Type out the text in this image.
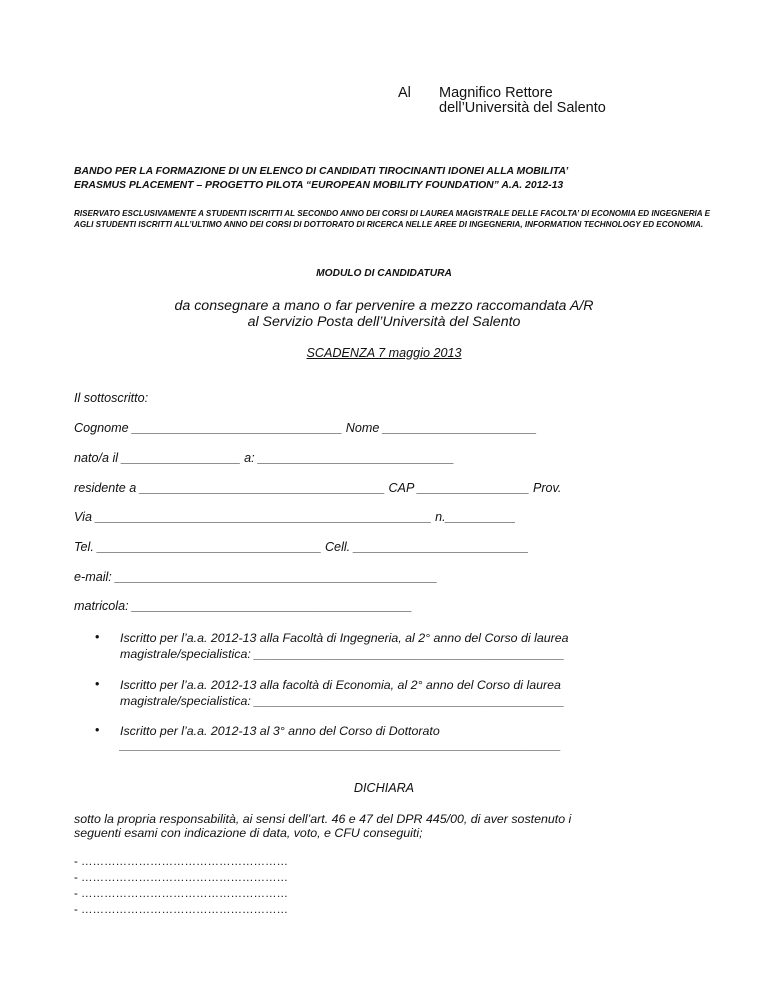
Al Magnifico Rettore
dell’Università del Salento
BANDO PER LA FORMAZIONE DI UN ELENCO DI CANDIDATI TIROCINANTI IDONEI ALLA MOBILITA’
ERASMUS PLACEMENT – PROGETTO PILOTA “EUROPEAN MOBILITY FOUNDATION” A.A. 2012-13

RISERVATO ESCLUSIVAMENTE A STUDENTI ISCRITTI AL SECONDO ANNO DEI CORSI DI LAUREA MAGISTRALE DELLE FACOLTA’ DI ECONOMIA ED INGEGNERIA E AGLI STUDENTI ISCRITTI ALL’ULTIMO ANNO DEI CORSI DI DOTTORATO DI RICERCA NELLE AREE DI INGEGNERIA, INFORMATION TECHNOLOGY ED ECONOMIA.

MODULO DI CANDIDATURA
da consegnare a mano o far pervenire a mezzo raccomandata A/R
al Servizio Posta dell’Università del Salento
SCADENZA 7 maggio 2013
Il sottoscritto:
Cognome ______________________________ Nome ______________________
nato/a il _________________ a: ____________________________
residente a ___________________________________ CAP ________________ Prov.
Via ________________________________________________ n.__________
Tel. ________________________________ Cell. _________________________
e-mail: ______________________________________________
matricola: ________________________________________
• Iscritto per l’a.a. 2012-13 alla Facoltà di Ingegneria, al 2° anno del Corso di laurea
magistrale/specialistica: _____________________________________________
• Iscritto per l’a.a. 2012-13 alla facoltà di Economia, al 2° anno del Corso di laurea
magistrale/specialistica: _____________________________________________
• Iscritto per l’a.a. 2012-13 al 3° anno del Corso di Dottorato
________________________________________________________________
DICHIARA
sotto la propria responsabilità, ai sensi dell’art. 46 e 47 del DPR 445/00, di aver sostenuto i
seguenti esami con indicazione di data, voto, e CFU conseguiti;
- ………………………………………………
- ………………………………………………
- ………………………………………………
- ………………………………………………
